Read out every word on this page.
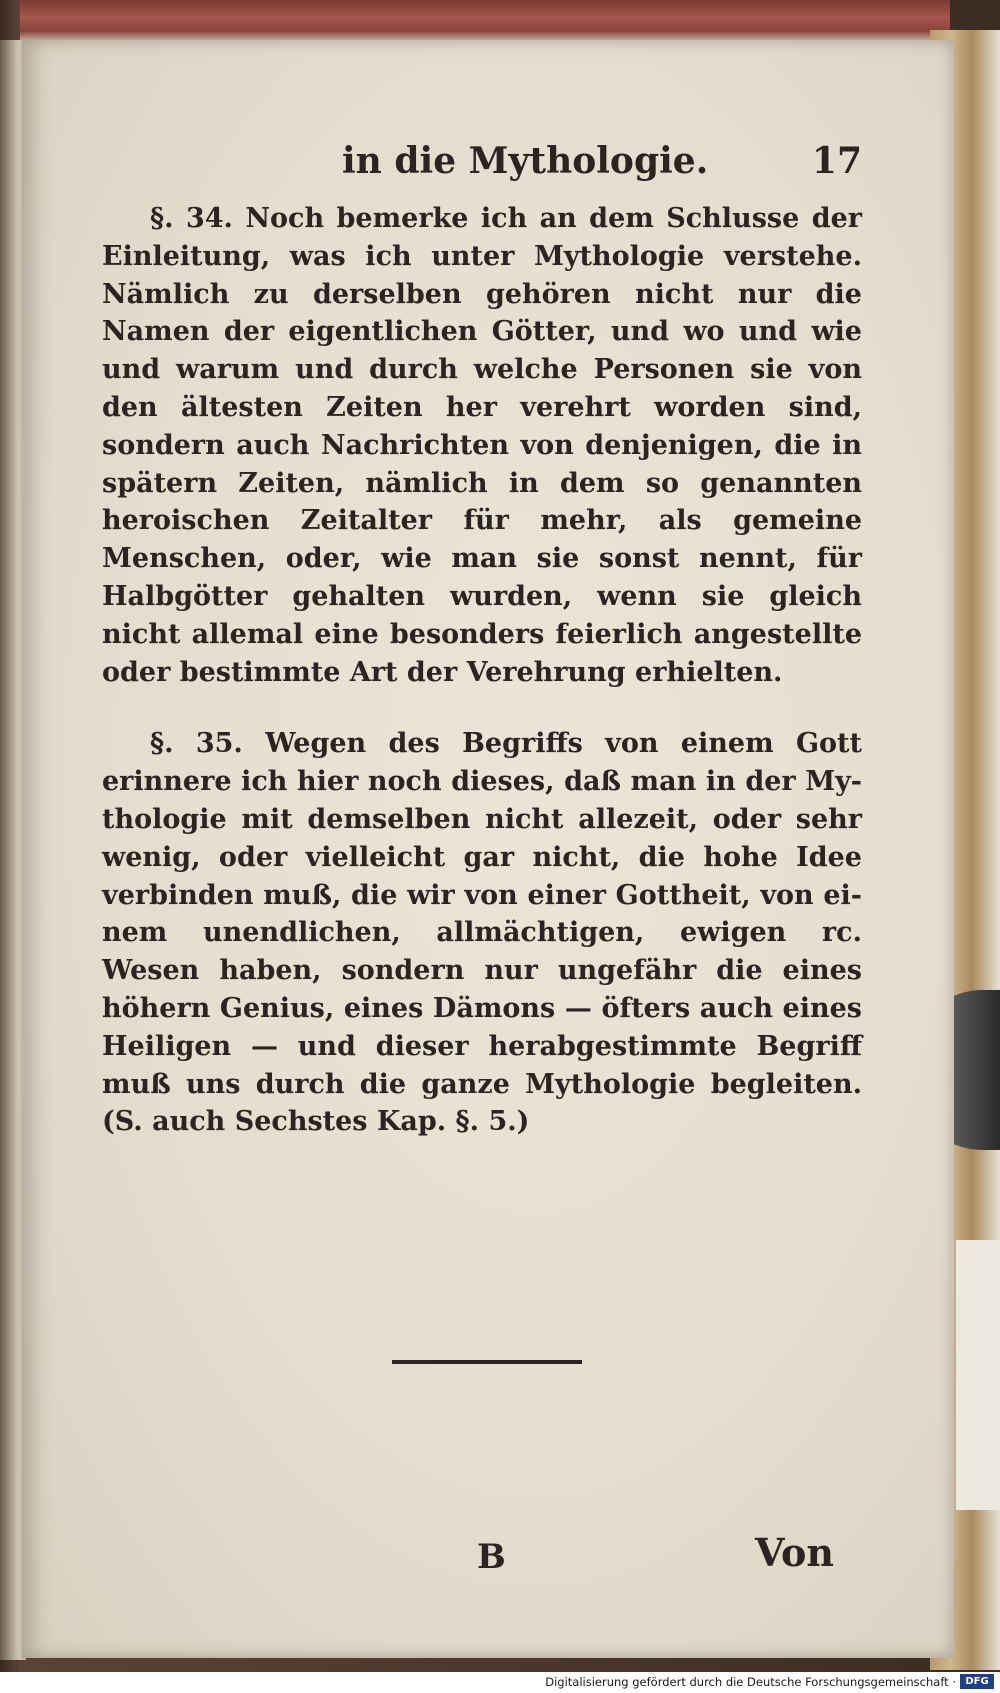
in die Mythologie.	17

§. 34. Noch bemerke ich an dem Schlusse der Einleitung, was ich unter Mythologie verstehe. Nämlich zu derselben gehören nicht nur die Namen der eigentlichen Götter, und wo und wie und warum und durch welche Personen sie von den ältesten Zeiten her verehrt worden sind, sondern auch Nachrichten von denjenigen, die in spätern Zeiten, nämlich in dem so genannten heroischen Zeitalter für mehr, als gemeine Menschen, oder, wie man sie sonst nennt, für Halbgötter gehalten wurden, wenn sie gleich nicht allemal eine besonders feierlich angestellte oder bestimmte Art der Verehrung erhielten.

§. 35. Wegen des Begriffs von einem Gott erinnere ich hier noch dieses, daß man in der Mythologie mit demselben nicht allezeit, oder sehr wenig, oder vielleicht gar nicht, die hohe Idee verbinden muß, die wir von einer Gottheit, von einem unendlichen, allmächtigen, ewigen rc. Wesen haben, sondern nur ungefähr die eines höhern Genius, eines Dämons — öfters auch eines Heiligen — und dieser herabgestimmte Begriff muß uns durch die ganze Mythologie begleiten. (S. auch Sechstes Kap. §. 5.)

B	Von
Digitalisierung gefördert durch die Deutsche Forschungsgemeinschaft · DFG
